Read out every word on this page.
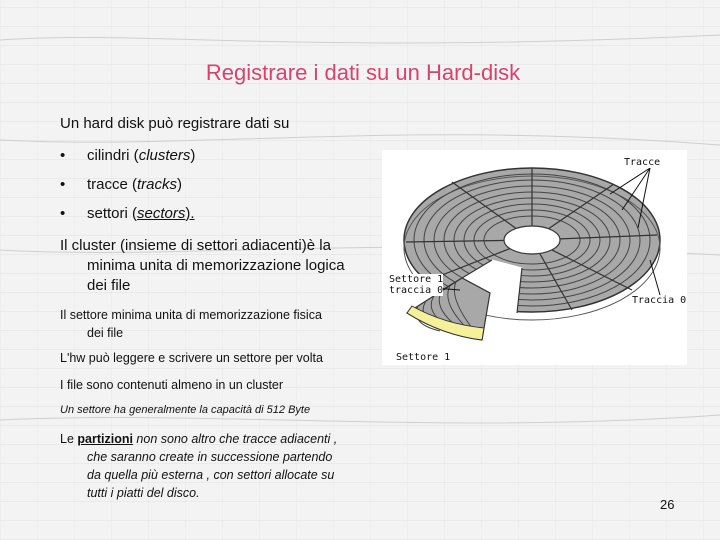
Registrare i dati su un Hard-disk
Un hard disk può registrare dati su
• cilindri (clusters)
• tracce (tracks)
• settori (sectors).
Il cluster (insieme di settori adiacenti)è la
minima unita di memorizzazione logica
dei file
Il settore minima unita di memorizzazione fisica
dei file
L'hw può leggere e scrivere un settore per volta
I file sono contenuti almeno in un cluster
Un settore ha generalmente la capacità di 512 Byte
Le partizioni non sono altro che tracce adiacenti ,
che saranno create in successione partendo
da quella più esterna , con settori allocate su
tutti i piatti del disco.
Tracce
Settore 1
traccia 0
Traccia 0
Settore 1
26
